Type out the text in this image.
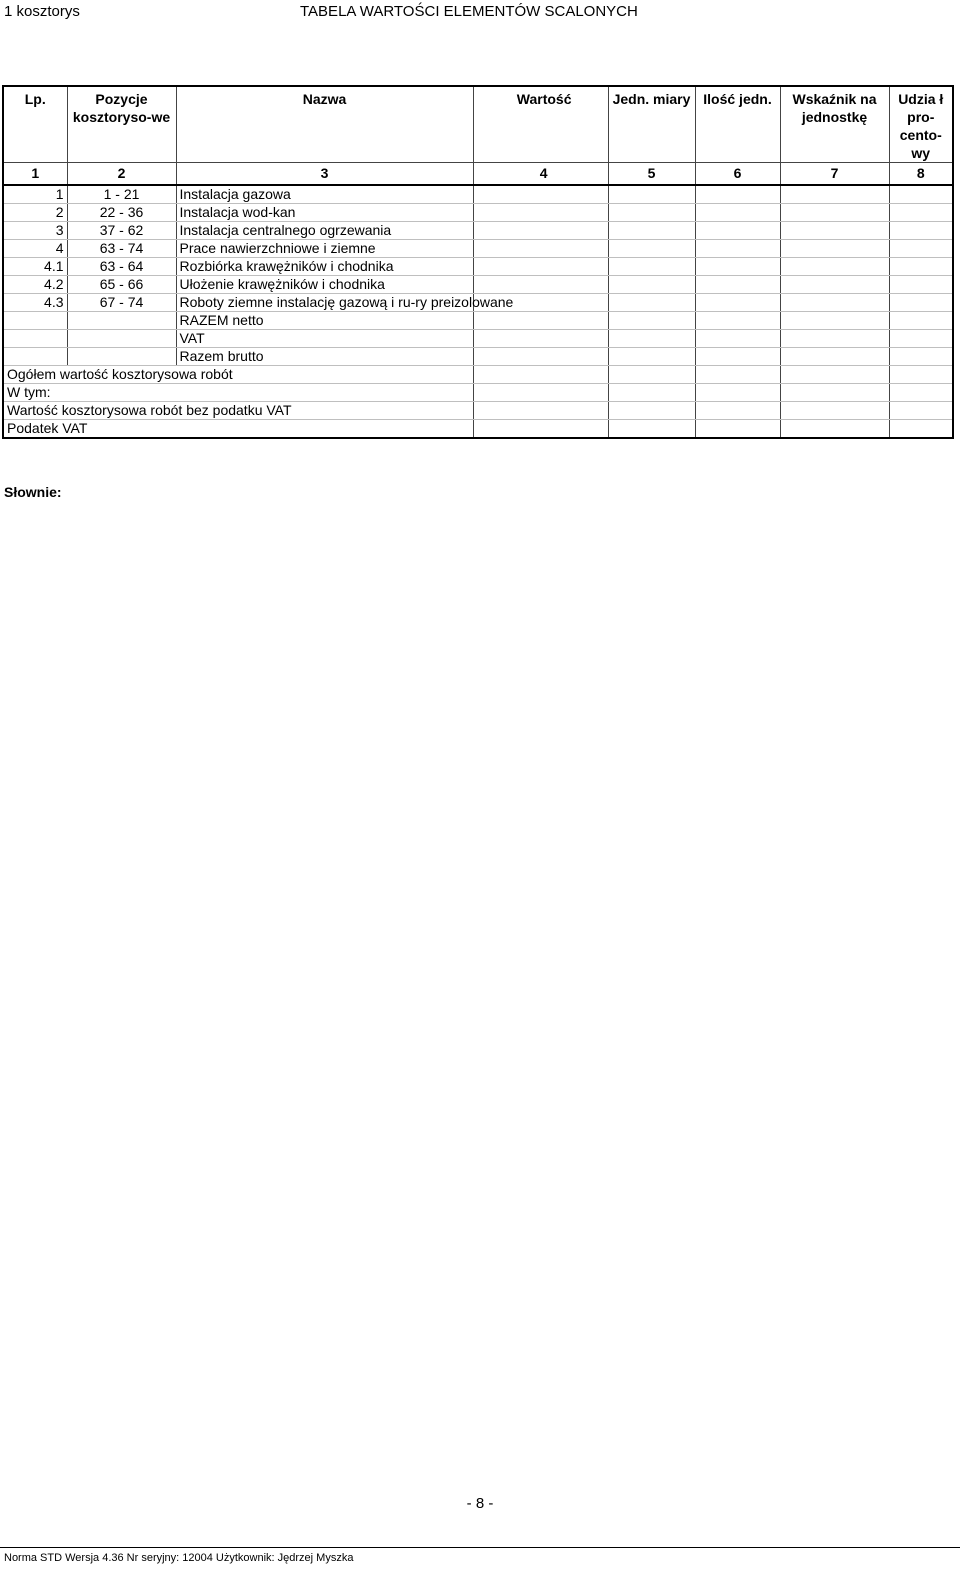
1 kosztorys	TABELA WARTOŚCI ELEMENTÓW SCALONYCH
Lp.	Pozycje kosztoryso-we	Nazwa	Wartość	Jedn. miary	Ilość jedn.	Wskaźnik na jednostkę	Udzia ł pro-cento-wy
1	2	3	4	5	6	7	8
1	1 - 21	Instalacja gazowa					
2	22 - 36	Instalacja wod-kan					
3	37 - 62	Instalacja centralnego ogrzewania					
4	63 - 74	Prace nawierzchniowe i ziemne					
4.1	63 - 64	Rozbiórka krawężników i chodnika					
4.2	65 - 66	Ułożenie krawężników i chodnika					
4.3	67 - 74	Roboty ziemne instalację gazową i ru-ry preizolowane					
		RAZEM netto					
		VAT					
		Razem brutto					
Ogółem wartość kosztorysowa robót							
W tym:							
Wartość kosztorysowa robót bez podatku VAT							
Podatek VAT							
Słownie:
- 8 -
Norma STD Wersja 4.36 Nr seryjny: 12004 Użytkownik: Jędrzej Myszka
